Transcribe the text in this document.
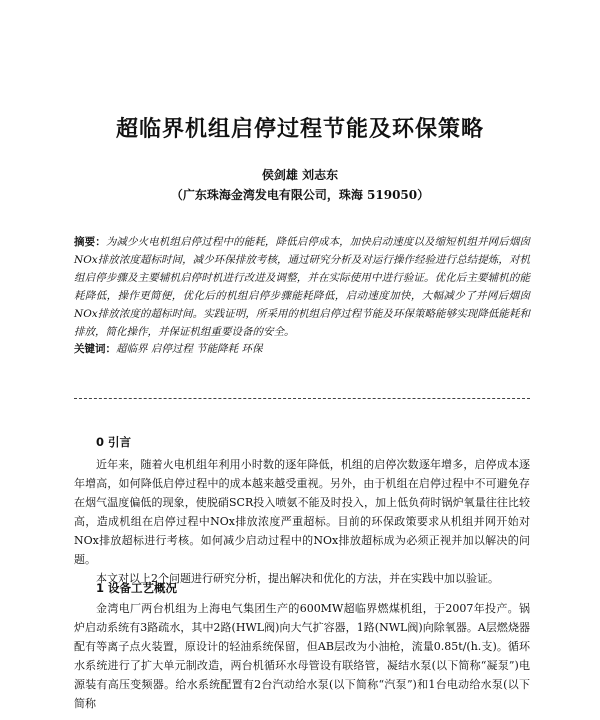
超临界机组启停过程节能及环保策略
侯剑雄 刘志东
（广东珠海金湾发电有限公司，珠海 519050）
摘要：为减少火电机组启停过程中的能耗，降低启停成本，加快启动速度以及缩短机组并网后烟囱NOx排放浓度超标时间，减少环保排放考核，通过研究分析及对运行操作经验进行总结提炼，对机组启停步骤及主要辅机启停时机进行改进及调整，并在实际使用中进行验证。优化后主要辅机的能耗降低，操作更简便，优化后的机组启停步骤能耗降低，启动速度加快，大幅减少了并网后烟囱NOx排放浓度的超标时间。实践证明，所采用的机组启停过程节能及环保策略能够实现降低能耗和排放，简化操作，并保证机组重要设备的安全。
关键词：超临界 启停过程 节能降耗 环保
0 引言

近年来，随着火电机组年利用小时数的逐年降低，机组的启停次数逐年增多，启停成本逐年增高，如何降低启停过程中的成本越来越受重视。另外，由于机组在启停过程中不可避免存在烟气温度偏低的现象，使脱硝SCR投入喷氨不能及时投入，加上低负荷时锅炉氧量往往比较高，造成机组在启停过程中NOx排放浓度严重超标。目前的环保政策要求从机组并网开始对NOx排放超标进行考核。如何减少启动过程中的NOx排放超标成为必须正视并加以解决的问题。

本文对以上2个问题进行研究分析，提出解决和优化的方法，并在实践中加以验证。

1 设备工艺概况

金湾电厂两台机组为上海电气集团生产的600MW超临界燃煤机组，于2007年投产。锅炉启动系统有3路疏水，其中2路(HWL阀)向大气扩容器，1路(NWL阀)向除氧器。A层燃烧器配有等离子点火装置，原设计的轻油系统保留，但AB层改为小油枪，流量0.85t/(h.支)。循环水系统进行了扩大单元制改造，两台机循环水母管设有联络管，凝结水泵(以下简称“凝泵”)电源装有高压变频器。给水系统配置有2台汽动给水泵(以下简称“汽泵”)和1台电动给水泵(以下简称
